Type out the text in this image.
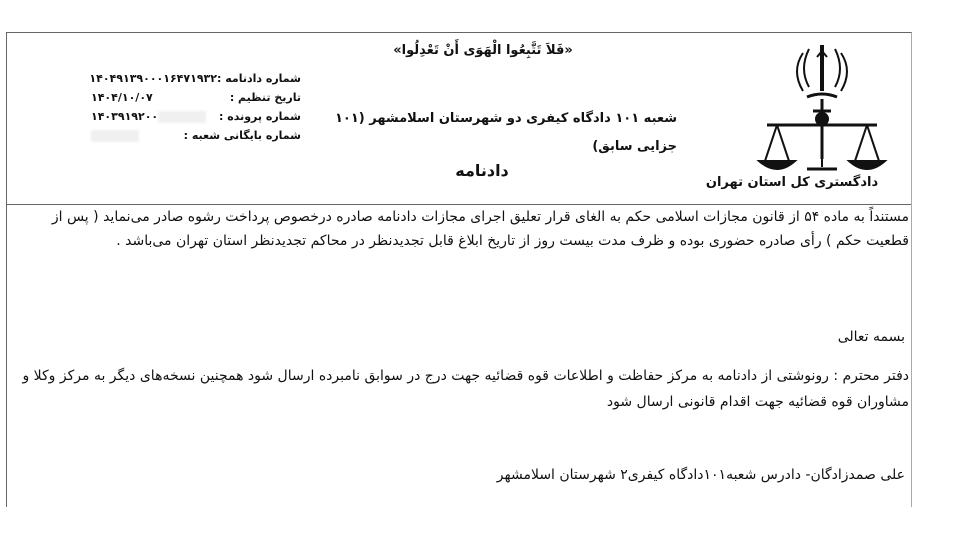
«فَلاَ تَتَّبِعُوا الْهَوَى أَنْ تَعْدِلُوا»
شماره دادنامه :
۱۴۰۴۹۱۳۹۰۰۰۱۶۴۷۱۹۳۲
تاریخ تنظیم :
۱۴۰۴/۱۰/۰۷
شماره پرونده :
۱۴۰۳۹۱۹۲۰۰
شماره بایگانی شعبه :
شعبه ۱۰۱ دادگاه کیفری دو شهرستان اسلامشهر (۱۰۱ جزایی سابق)
دادنامه
دادگستری کل استان تهران

مستنداً به ماده ۵۴ از قانون مجازات اسلامی حکم به الغای قرار تعلیق اجرای مجازات دادنامه صادره درخصوص پرداخت رشوه صادر می‌نماید ( پس از قطعیت حکم ) رأی صادره حضوری بوده و ظرف مدت بیست روز از تاریخ ابلاغ قابل تجدیدنظر در محاکم تجدیدنظر استان تهران می‌باشد .

بسمه تعالی

دفتر محترم : رونوشتی از دادنامه به مرکز حفاظت و اطلاعات قوه قضائیه جهت درج در سوابق نامبرده ارسال شود همچنین نسخه‌های دیگر به مرکز وکلا و مشاوران قوه قضائیه جهت اقدام قانونی ارسال شود

علی صمدزادگان- دادرس شعبه۱۰۱دادگاه کیفری۲ شهرستان اسلامشهر
